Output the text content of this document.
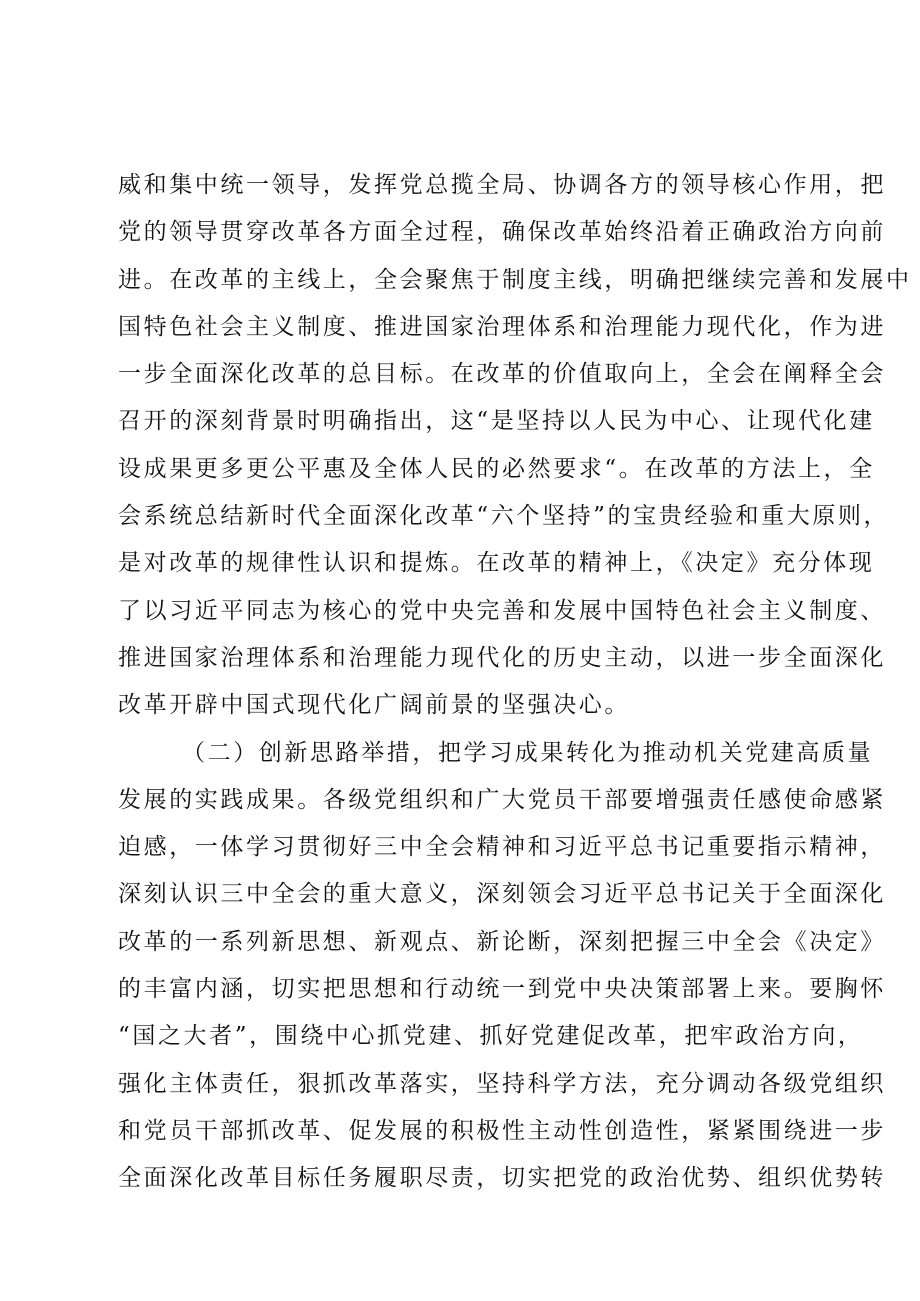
威和集中统一领导，发挥党总揽全局、协调各方的领导核心作用，把
党的领导贯穿改革各方面全过程，确保改革始终沿着正确政治方向前
进。在改革的主线上，全会聚焦于制度主线，明确把继续完善和发展中
国特色社会主义制度、推进国家治理体系和治理能力现代化，作为进
一步全面深化改革的总目标。在改革的价值取向上，全会在阐释全会
召开的深刻背景时明确指出，这“是坚持以人民为中心、让现代化建
设成果更多更公平惠及全体人民的必然要求“。在改革的方法上，全
会系统总结新时代全面深化改革“六个坚持”的宝贵经验和重大原则，
是对改革的规律性认识和提炼。在改革的精神上，《决定》充分体现
了以习近平同志为核心的党中央完善和发展中国特色社会主义制度、
推进国家治理体系和治理能力现代化的历史主动，以进一步全面深化
改革开辟中国式现代化广阔前景的坚强决心。
（二）创新思路举措，把学习成果转化为推动机关党建高质量
发展的实践成果。各级党组织和广大党员干部要增强责任感使命感紧
迫感，一体学习贯彻好三中全会精神和习近平总书记重要指示精神，
深刻认识三中全会的重大意义，深刻领会习近平总书记关于全面深化
改革的一系列新思想、新观点、新论断，深刻把握三中全会《决定》
的丰富内涵，切实把思想和行动统一到党中央决策部署上来。要胸怀
“国之大者”，围绕中心抓党建、抓好党建促改革，把牢政治方向，
强化主体责任，狠抓改革落实，坚持科学方法，充分调动各级党组织
和党员干部抓改革、促发展的积极性主动性创造性，紧紧围绕进一步
全面深化改革目标任务履职尽责，切实把党的政治优势、组织优势转
